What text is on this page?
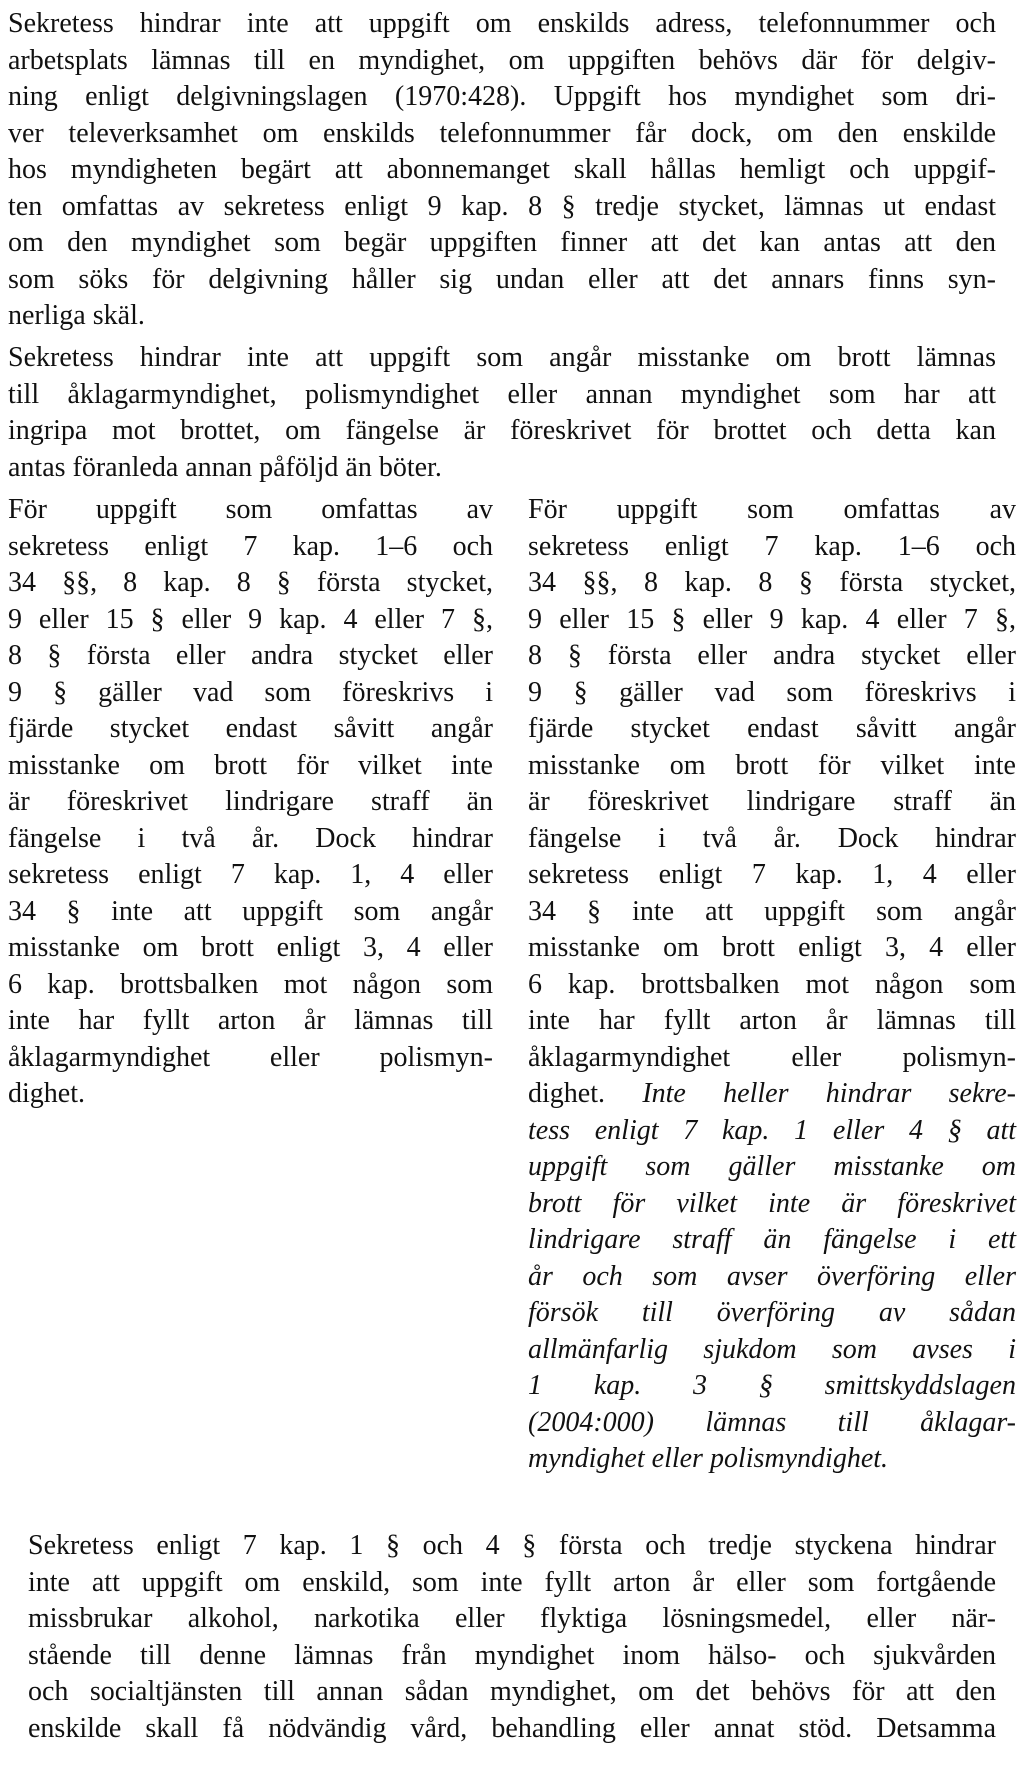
Sekretess hindrar inte att uppgift om enskilds adress, telefonnummer och
arbetsplats lämnas till en myndighet, om uppgiften behövs där för delgiv-
ning enligt delgivningslagen (1970:428). Uppgift hos myndighet som dri-
ver televerksamhet om enskilds telefonnummer får dock, om den enskilde
hos myndigheten begärt att abonnemanget skall hållas hemligt och uppgif-
ten omfattas av sekretess enligt 9 kap. 8 § tredje stycket, lämnas ut endast
om den myndighet som begär uppgiften finner att det kan antas att den
som söks för delgivning håller sig undan eller att det annars finns syn-
nerliga skäl.
Sekretess hindrar inte att uppgift som angår misstanke om brott lämnas
till åklagarmyndighet, polismyndighet eller annan myndighet som har att
ingripa mot brottet, om fängelse är föreskrivet för brottet och detta kan
antas föranleda annan påföljd än böter.
För uppgift som omfattas av
sekretess enligt 7 kap. 1–6 och
34 §§, 8 kap. 8 § första stycket,
9 eller 15 § eller 9 kap. 4 eller 7 §,
8 § första eller andra stycket eller
9 § gäller vad som föreskrivs i
fjärde stycket endast såvitt angår
misstanke om brott för vilket inte
är föreskrivet lindrigare straff än
fängelse i två år. Dock hindrar
sekretess enligt 7 kap. 1, 4 eller
34 § inte att uppgift som angår
misstanke om brott enligt 3, 4 eller
6 kap. brottsbalken mot någon som
inte har fyllt arton år lämnas till
åklagarmyndighet eller polismyn-
dighet.
För uppgift som omfattas av
sekretess enligt 7 kap. 1–6 och
34 §§, 8 kap. 8 § första stycket,
9 eller 15 § eller 9 kap. 4 eller 7 §,
8 § första eller andra stycket eller
9 § gäller vad som föreskrivs i
fjärde stycket endast såvitt angår
misstanke om brott för vilket inte
är föreskrivet lindrigare straff än
fängelse i två år. Dock hindrar
sekretess enligt 7 kap. 1, 4 eller
34 § inte att uppgift som angår
misstanke om brott enligt 3, 4 eller
6 kap. brottsbalken mot någon som
inte har fyllt arton år lämnas till
åklagarmyndighet eller polismyn-
dighet. Inte heller hindrar sekre-
tess enligt 7 kap. 1 eller 4 § att
uppgift som gäller misstanke om
brott för vilket inte är föreskrivet
lindrigare straff än fängelse i ett
år och som avser överföring eller
försök till överföring av sådan
allmänfarlig sjukdom som avses i
1 kap. 3 § smittskyddslagen
(2004:000) lämnas till åklagar-
myndighet eller polismyndighet.
Sekretess enligt 7 kap. 1 § och 4 § första och tredje styckena hindrar
inte att uppgift om enskild, som inte fyllt arton år eller som fortgående
missbrukar alkohol, narkotika eller flyktiga lösningsmedel, eller när-
stående till denne lämnas från myndighet inom hälso- och sjukvården
och socialtjänsten till annan sådan myndighet, om det behövs för att den
enskilde skall få nödvändig vård, behandling eller annat stöd. Detsamma
